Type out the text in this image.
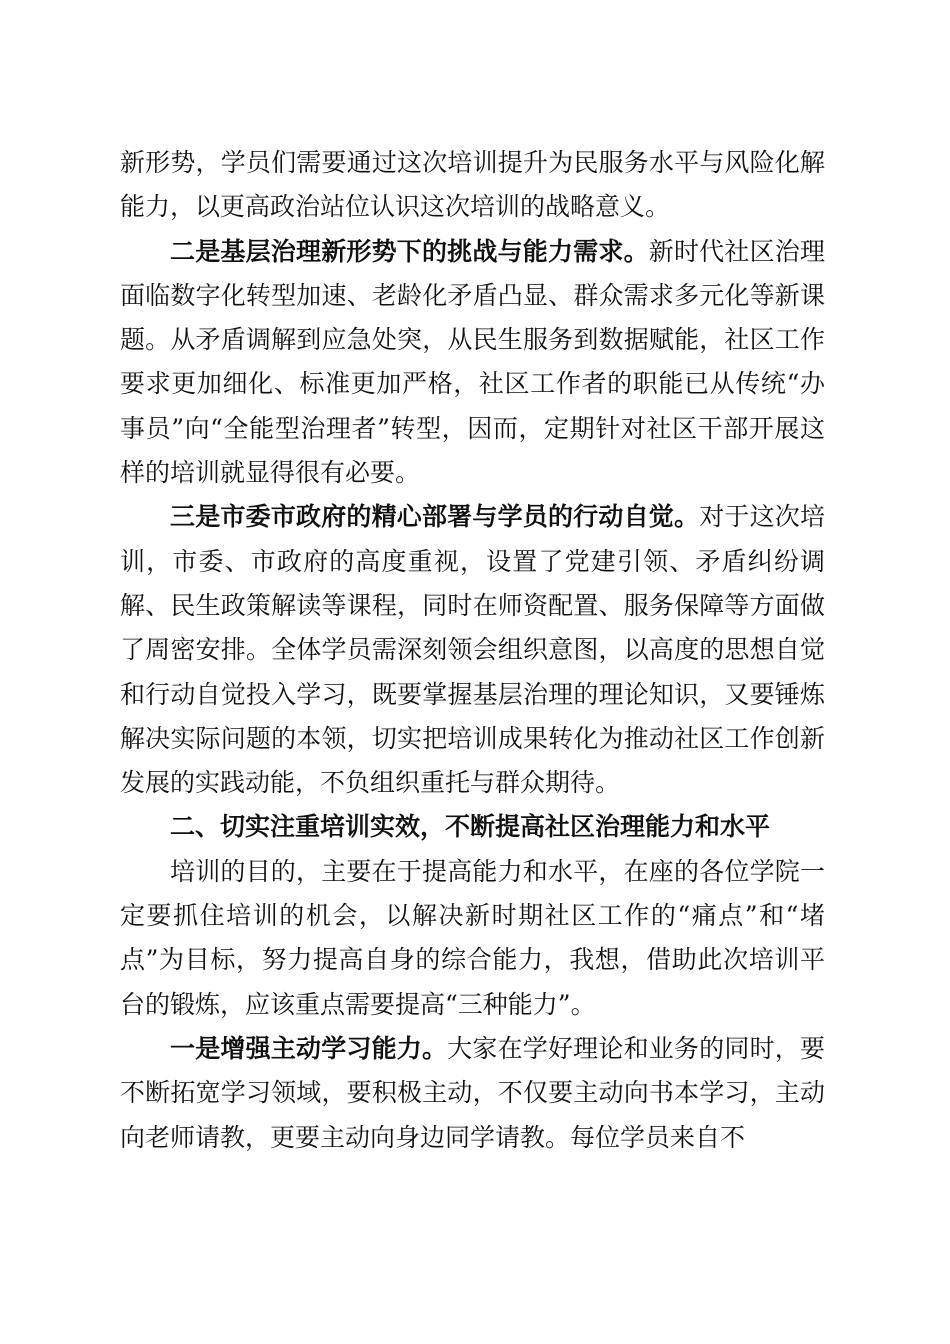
新形势，学员们需要通过这次培训提升为民服务水平与风险化解能力，以更高政治站位认识这次培训的战略意义。

二是基层治理新形势下的挑战与能力需求。新时代社区治理面临数字化转型加速、老龄化矛盾凸显、群众需求多元化等新课题。从矛盾调解到应急处突，从民生服务到数据赋能，社区工作要求更加细化、标准更加严格，社区工作者的职能已从传统“办事员”向“全能型治理者”转型，因而，定期针对社区干部开展这样的培训就显得很有必要。

三是市委市政府的精心部署与学员的行动自觉。对于这次培训，市委、市政府的高度重视，设置了党建引领、矛盾纠纷调解、民生政策解读等课程，同时在师资配置、服务保障等方面做了周密安排。全体学员需深刻领会组织意图，以高度的思想自觉和行动自觉投入学习，既要掌握基层治理的理论知识，又要锤炼解决实际问题的本领，切实把培训成果转化为推动社区工作创新发展的实践动能，不负组织重托与群众期待。

二、切实注重培训实效，不断提高社区治理能力和水平

培训的目的，主要在于提高能力和水平，在座的各位学院一定要抓住培训的机会，以解决新时期社区工作的“痛点”和“堵点”为目标，努力提高自身的综合能力，我想，借助此次培训平台的锻炼，应该重点需要提高“三种能力”。

一是增强主动学习能力。大家在学好理论和业务的同时，要不断拓宽学习领域，要积极主动，不仅要主动向书本学习，主动向老师请教，更要主动向身边同学请教。每位学员来自不
